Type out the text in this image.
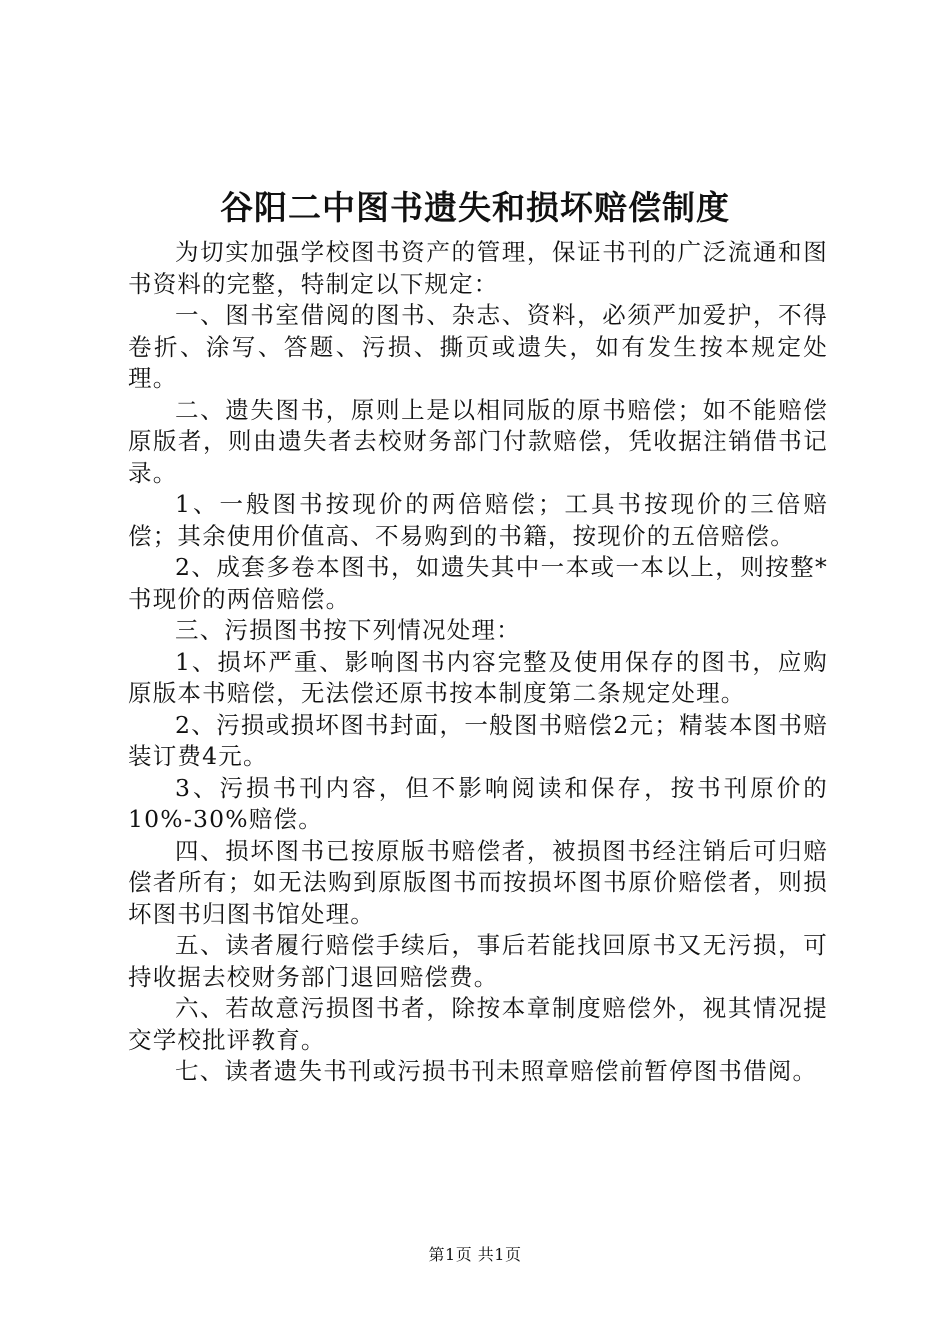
谷阳二中图书遗失和损坏赔偿制度

为切实加强学校图书资产的管理，保证书刊的广泛流通和图书资料的完整，特制定以下规定：

一、图书室借阅的图书、杂志、资料，必须严加爱护，不得卷折、涂写、答题、污损、撕页或遗失，如有发生按本规定处理。

二、遗失图书，原则上是以相同版的原书赔偿；如不能赔偿原版者，则由遗失者去校财务部门付款赔偿，凭收据注销借书记录。

1、一般图书按现价的两倍赔偿；工具书按现价的三倍赔偿；其余使用价值高、不易购到的书籍，按现价的五倍赔偿。

2、成套多卷本图书，如遗失其中一本或一本以上，则按整*书现价的两倍赔偿。

三、污损图书按下列情况处理：

1、损坏严重、影响图书内容完整及使用保存的图书，应购原版本书赔偿，无法偿还原书按本制度第二条规定处理。

2、污损或损坏图书封面，一般图书赔偿2元；精装本图书赔装订费4元。

3、污损书刊内容，但不影响阅读和保存，按书刊原价的10%-30%赔偿。

四、损坏图书已按原版书赔偿者，被损图书经注销后可归赔偿者所有；如无法购到原版图书而按损坏图书原价赔偿者，则损坏图书归图书馆处理。

五、读者履行赔偿手续后，事后若能找回原书又无污损，可持收据去校财务部门退回赔偿费。

六、若故意污损图书者，除按本章制度赔偿外，视其情况提交学校批评教育。

七、读者遗失书刊或污损书刊未照章赔偿前暂停图书借阅。

第1页 共1页
